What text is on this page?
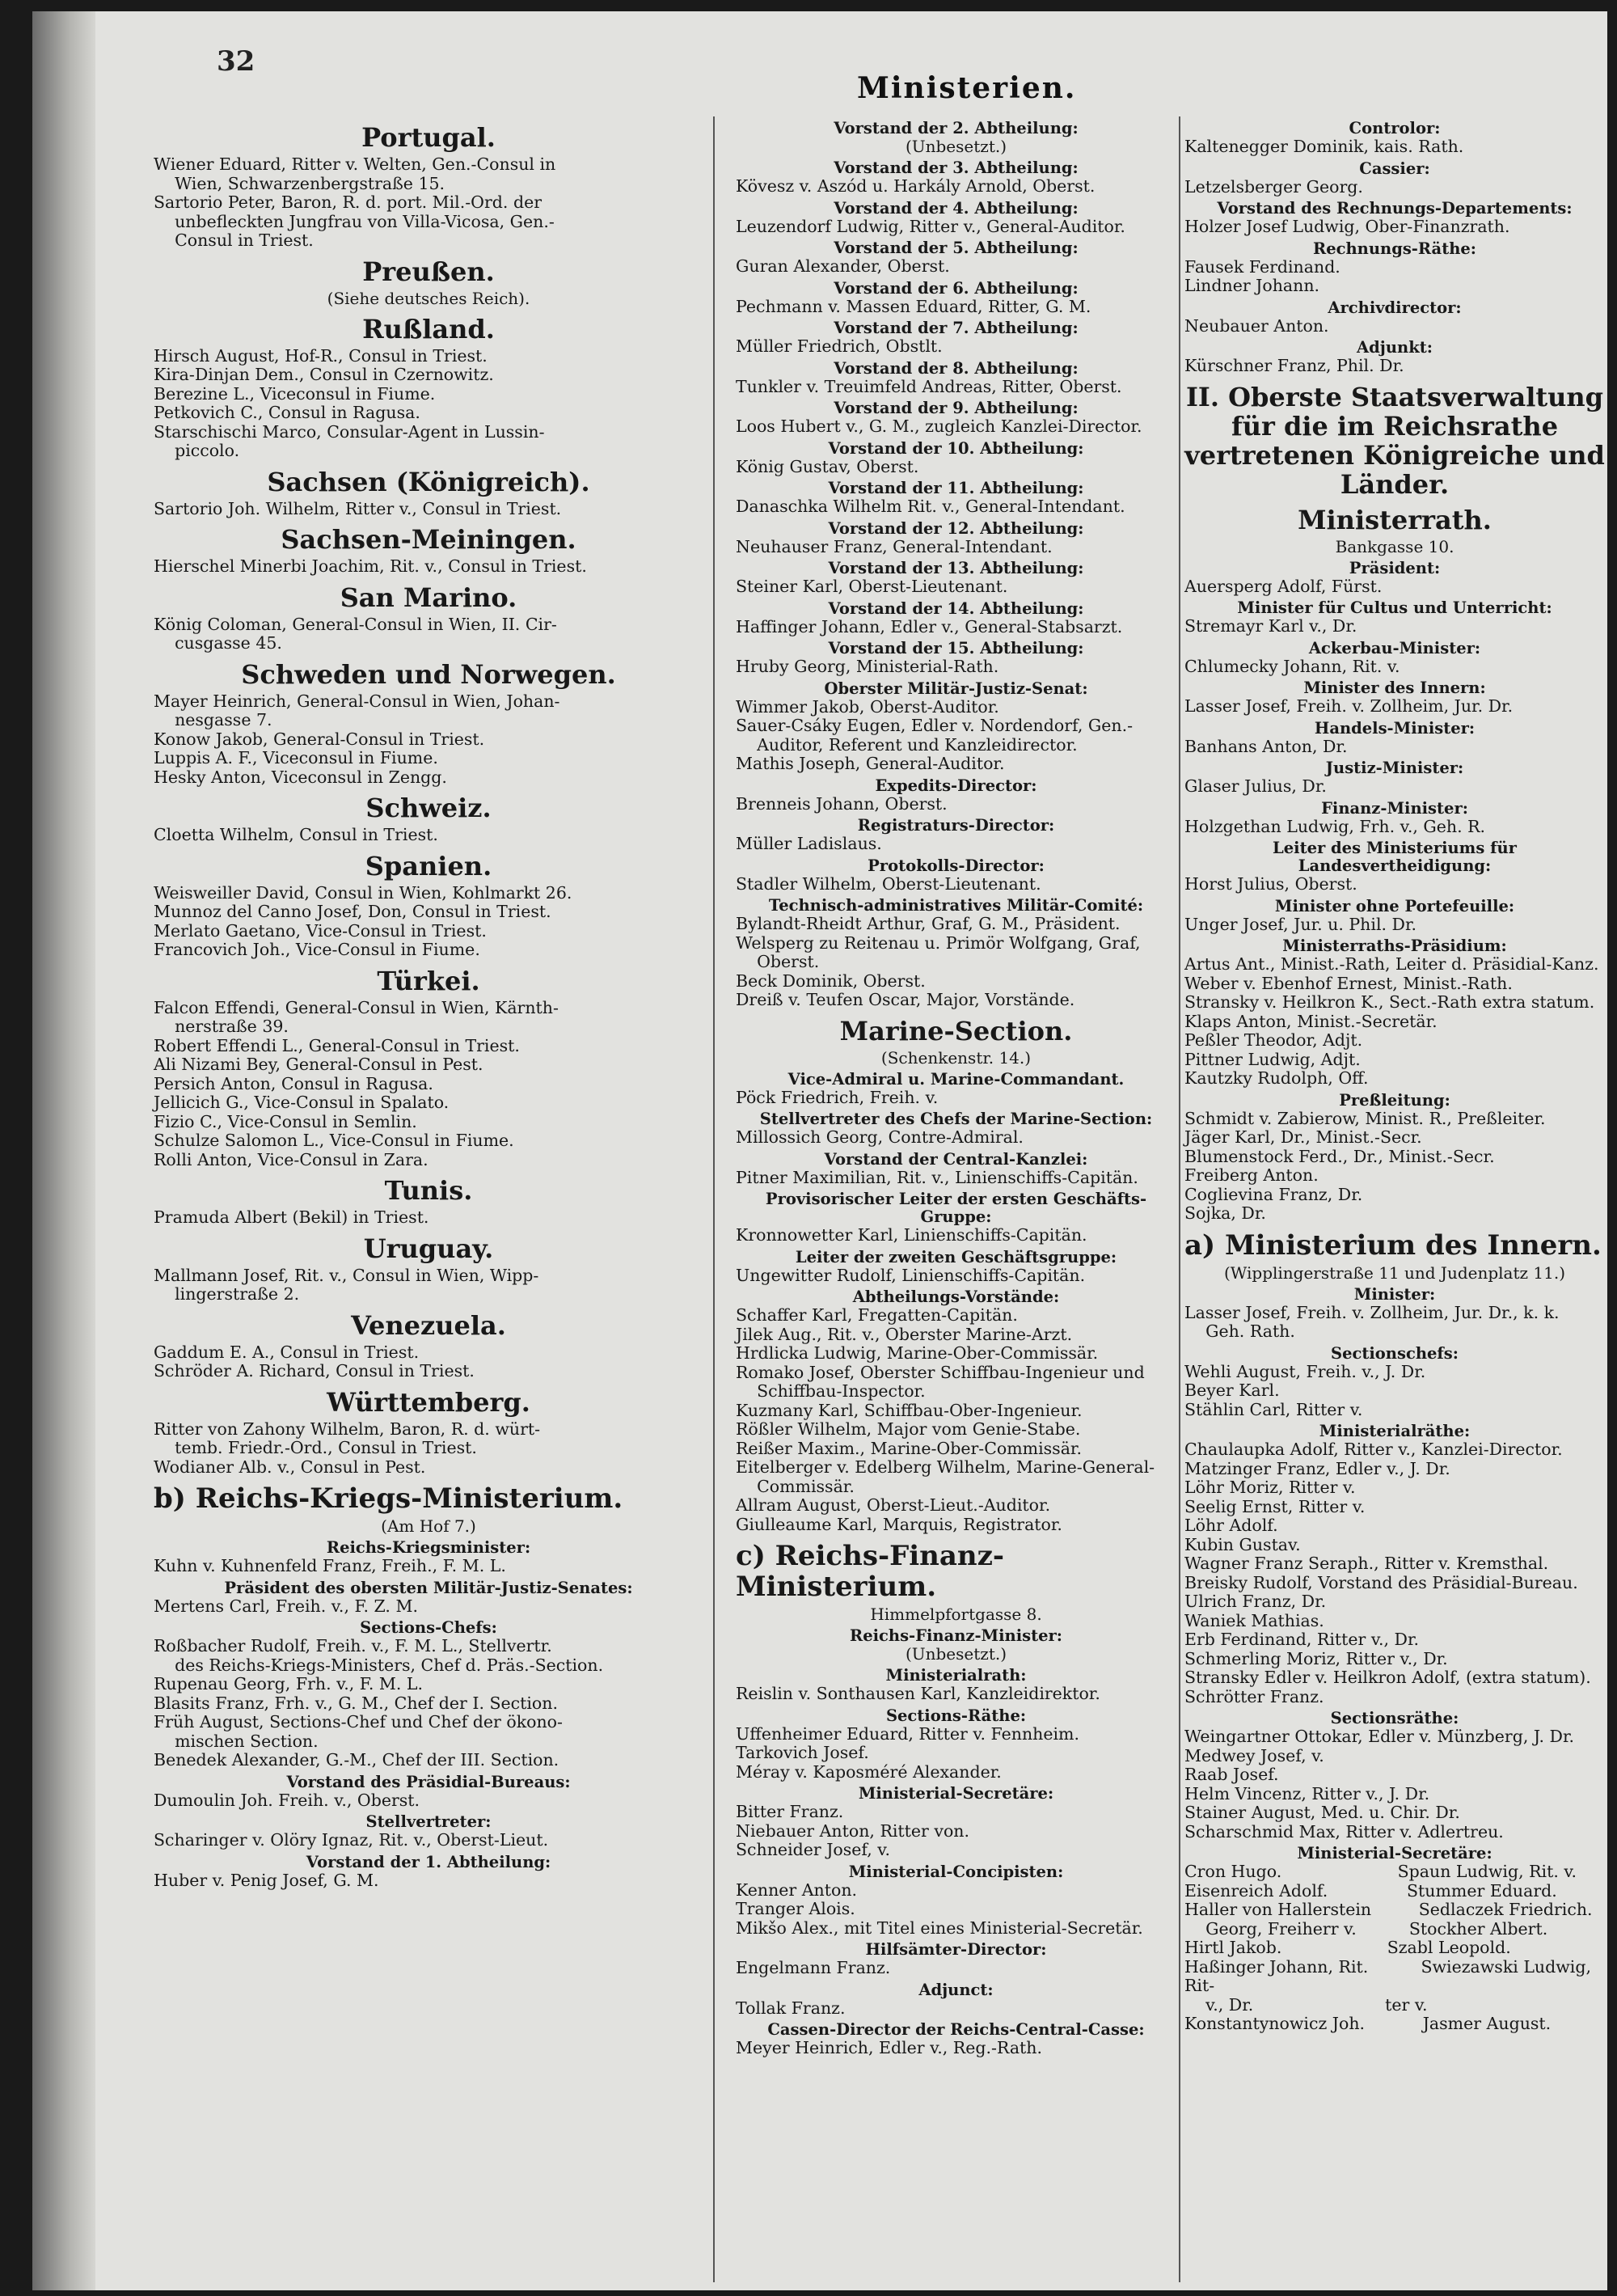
32
Ministerien.
Portugal.
Wiener Eduard, Ritter v. Welten, Gen.-Consul in
Wien, Schwarzenbergstraße 15.
Sartorio Peter, Baron, R. d. port. Mil.-Ord. der
unbefleckten Jungfrau von Villa-Vicosa, Gen.-
Consul in Triest.
Preußen.
(Siehe deutsches Reich).
Rußland.
Hirsch August, Hof-R., Consul in Triest.
Kira-Dinjan Dem., Consul in Czernowitz.
Berezine L., Viceconsul in Fiume.
Petkovich C., Consul in Ragusa.
Starschischi Marco, Consular-Agent in Lussin-
piccolo.
Sachsen (Königreich).
Sartorio Joh. Wilhelm, Ritter v., Consul in Triest.
Sachsen-Meiningen.
Hierschel Minerbi Joachim, Rit. v., Consul in Triest.
San Marino.
König Coloman, General-Consul in Wien, II. Cir-
cusgasse 45.
Schweden und Norwegen.
Mayer Heinrich, General-Consul in Wien, Johan-
nesgasse 7.
Konow Jakob, General-Consul in Triest.
Luppis A. F., Viceconsul in Fiume.
Hesky Anton, Viceconsul in Zengg.
Schweiz.
Cloetta Wilhelm, Consul in Triest.
Spanien.
Weisweiller David, Consul in Wien, Kohlmarkt 26.
Munnoz del Canno Josef, Don, Consul in Triest.
Merlato Gaetano, Vice-Consul in Triest.
Francovich Joh., Vice-Consul in Fiume.
Türkei.
Falcon Effendi, General-Consul in Wien, Kärnth-
nerstraße 39.
Robert Effendi L., General-Consul in Triest.
Ali Nizami Bey, General-Consul in Pest.
Persich Anton, Consul in Ragusa.
Jellicich G., Vice-Consul in Spalato.
Fizio C., Vice-Consul in Semlin.
Schulze Salomon L., Vice-Consul in Fiume.
Rolli Anton, Vice-Consul in Zara.
Tunis.
Pramuda Albert (Bekil) in Triest.
Uruguay.
Mallmann Josef, Rit. v., Consul in Wien, Wipp-
lingerstraße 2.
Venezuela.
Gaddum E. A., Consul in Triest.
Schröder A. Richard, Consul in Triest.
Württemberg.
Ritter von Zahony Wilhelm, Baron, R. d. würt-
temb. Friedr.-Ord., Consul in Triest.
Wodianer Alb. v., Consul in Pest.
b) Reichs-Kriegs-Ministerium.
(Am Hof 7.)
Reichs-Kriegsminister:
Kuhn v. Kuhnenfeld Franz, Freih., F. M. L.
Präsident des obersten Militär-Justiz-Senates:
Mertens Carl, Freih. v., F. Z. M.
Sections-Chefs:
Roßbacher Rudolf, Freih. v., F. M. L., Stellvertr.
des Reichs-Kriegs-Ministers, Chef d. Präs.-Section.
Rupenau Georg, Frh. v., F. M. L.
Blasits Franz, Frh. v., G. M., Chef der I. Section.
Früh August, Sections-Chef und Chef der ökono-
mischen Section.
Benedek Alexander, G.-M., Chef der III. Section.
Vorstand des Präsidial-Bureaus:
Dumoulin Joh. Freih. v., Oberst.
Stellvertreter:
Scharinger v. Olöry Ignaz, Rit. v., Oberst-Lieut.
Vorstand der 1. Abtheilung:
Huber v. Penig Josef, G. M.
Vorstand der 2. Abtheilung:
(Unbesetzt.)
Vorstand der 3. Abtheilung:
Kövesz v. Aszód u. Harkály Arnold, Oberst.
Vorstand der 4. Abtheilung:
Leuzendorf Ludwig, Ritter v., General-Auditor.
Vorstand der 5. Abtheilung:
Guran Alexander, Oberst.
Vorstand der 6. Abtheilung:
Pechmann v. Massen Eduard, Ritter, G. M.
Vorstand der 7. Abtheilung:
Müller Friedrich, Obstlt.
Vorstand der 8. Abtheilung:
Tunkler v. Treuimfeld Andreas, Ritter, Oberst.
Vorstand der 9. Abtheilung:
Loos Hubert v., G. M., zugleich Kanzlei-Director.
Vorstand der 10. Abtheilung:
König Gustav, Oberst.
Vorstand der 11. Abtheilung:
Danaschka Wilhelm Rit. v., General-Intendant.
Vorstand der 12. Abtheilung:
Neuhauser Franz, General-Intendant.
Vorstand der 13. Abtheilung:
Steiner Karl, Oberst-Lieutenant.
Vorstand der 14. Abtheilung:
Haffinger Johann, Edler v., General-Stabsarzt.
Vorstand der 15. Abtheilung:
Hruby Georg, Ministerial-Rath.
Oberster Militär-Justiz-Senat:
Wimmer Jakob, Oberst-Auditor.
Sauer-Csáky Eugen, Edler v. Nordendorf, Gen.-
Auditor, Referent und Kanzleidirector.
Mathis Joseph, General-Auditor.
Expedits-Director:
Brenneis Johann, Oberst.
Registraturs-Director:
Müller Ladislaus.
Protokolls-Director:
Stadler Wilhelm, Oberst-Lieutenant.
Technisch-administratives Militär-Comité:
Bylandt-Rheidt Arthur, Graf, G. M., Präsident.
Welsperg zu Reitenau u. Primör Wolfgang, Graf,
Oberst.
Beck Dominik, Oberst.
Dreiß v. Teufen Oscar, Major, Vorstände.
Marine-Section.
(Schenkenstr. 14.)
Vice-Admiral u. Marine-Commandant.
Pöck Friedrich, Freih. v.
Stellvertreter des Chefs der Marine-Section:
Millossich Georg, Contre-Admiral.
Vorstand der Central-Kanzlei:
Pitner Maximilian, Rit. v., Linienschiffs-Capitän.
Provisorischer Leiter der ersten Geschäfts-Gruppe:
Kronnowetter Karl, Linienschiffs-Capitän.
Leiter der zweiten Geschäftsgruppe:
Ungewitter Rudolf, Linienschiffs-Capitän.
Abtheilungs-Vorstände:
Schaffer Karl, Fregatten-Capitän.
Jilek Aug., Rit. v., Oberster Marine-Arzt.
Hrdlicka Ludwig, Marine-Ober-Commissär.
Romako Josef, Oberster Schiffbau-Ingenieur und
Schiffbau-Inspector.
Kuzmany Karl, Schiffbau-Ober-Ingenieur.
Rößler Wilhelm, Major vom Genie-Stabe.
Reißer Maxim., Marine-Ober-Commissär.
Eitelberger v. Edelberg Wilhelm, Marine-General-
Commissär.
Allram August, Oberst-Lieut.-Auditor.
Giulleaume Karl, Marquis, Registrator.
c) Reichs-Finanz-Ministerium.
Himmelpfortgasse 8.
Reichs-Finanz-Minister:
(Unbesetzt.)
Ministerialrath:
Reislin v. Sonthausen Karl, Kanzleidirektor.
Sections-Räthe:
Uffenheimer Eduard, Ritter v. Fennheim.
Tarkovich Josef.
Méray v. Kaposméré Alexander.
Ministerial-Secretäre:
Bitter Franz.
Niebauer Anton, Ritter von.
Schneider Josef, v.
Ministerial-Concipisten:
Kenner Anton.
Tranger Alois.
Mikšo Alex., mit Titel eines Ministerial-Secretär.
Hilfsämter-Director:
Engelmann Franz.
Adjunct:
Tollak Franz.
Cassen-Director der Reichs-Central-Casse:
Meyer Heinrich, Edler v., Reg.-Rath.
Controlor:
Kaltenegger Dominik, kais. Rath.
Cassier:
Letzelsberger Georg.
Vorstand des Rechnungs-Departements:
Holzer Josef Ludwig, Ober-Finanzrath.
Rechnungs-Räthe:
Fausek Ferdinand.
Lindner Johann.
Archivdirector:
Neubauer Anton.
Adjunkt:
Kürschner Franz, Phil. Dr.
II. Oberste Staatsverwaltung für die im Reichsrathe vertretenen Königreiche und Länder.
Ministerrath.
Bankgasse 10.
Präsident:
Auersperg Adolf, Fürst.
Minister für Cultus und Unterricht:
Stremayr Karl v., Dr.
Ackerbau-Minister:
Chlumecky Johann, Rit. v.
Minister des Innern:
Lasser Josef, Freih. v. Zollheim, Jur. Dr.
Handels-Minister:
Banhans Anton, Dr.
Justiz-Minister:
Glaser Julius, Dr.
Finanz-Minister:
Holzgethan Ludwig, Frh. v., Geh. R.
Leiter des Ministeriums für Landesvertheidigung:
Horst Julius, Oberst.
Minister ohne Portefeuille:
Unger Josef, Jur. u. Phil. Dr.
Ministerraths-Präsidium:
Artus Ant., Minist.-Rath, Leiter d. Präsidial-Kanz.
Weber v. Ebenhof Ernest, Minist.-Rath.
Stransky v. Heilkron K., Sect.-Rath extra statum.
Klaps Anton, Minist.-Secretär.
Peßler Theodor, Adjt.
Pittner Ludwig, Adjt.
Kautzky Rudolph, Off.
Preßleitung:
Schmidt v. Zabierow, Minist. R., Preßleiter.
Jäger Karl, Dr., Minist.-Secr.
Blumenstock Ferd., Dr., Minist.-Secr.
Freiberg Anton.
Coglievina Franz, Dr.
Sojka, Dr.
a) Ministerium des Innern.
(Wipplingerstraße 11 und Judenplatz 11.)
Minister:
Lasser Josef, Freih. v. Zollheim, Jur. Dr., k. k.
Geh. Rath.
Sectionschefs:
Wehli August, Freih. v., J. Dr.
Beyer Karl.
Stählin Carl, Ritter v.
Ministerialräthe:
Chaulaupka Adolf, Ritter v., Kanzlei-Director.
Matzinger Franz, Edler v., J. Dr.
Löhr Moriz, Ritter v.
Seelig Ernst, Ritter v.
Löhr Adolf.
Kubin Gustav.
Wagner Franz Seraph., Ritter v. Kremsthal.
Breisky Rudolf, Vorstand des Präsidial-Bureau.
Ulrich Franz, Dr.
Waniek Mathias.
Erb Ferdinand, Ritter v., Dr.
Schmerling Moriz, Ritter v., Dr.
Stransky Edler v. Heilkron Adolf, (extra statum).
Schrötter Franz.
Sectionsräthe:
Weingartner Ottokar, Edler v. Münzberg, J. Dr.
Medwey Josef, v.
Raab Josef.
Helm Vincenz, Ritter v., J. Dr.
Stainer August, Med. u. Chir. Dr.
Scharschmid Max, Ritter v. Adlertreu.
Ministerial-Secretäre:
Cron Hugo.                      Spaun Ludwig, Rit. v.
Eisenreich Adolf.               Stummer Eduard.
Haller von Hallerstein         Sedlaczek Friedrich.
Georg, Freiherr v.          Stockher Albert.
Hirtl Jakob.                    Szabl Leopold.
Haßinger Johann, Rit.          Swiezawski Ludwig, Rit-
v., Dr.                         ter v.
Konstantynowicz Joh.           Jasmer August.
